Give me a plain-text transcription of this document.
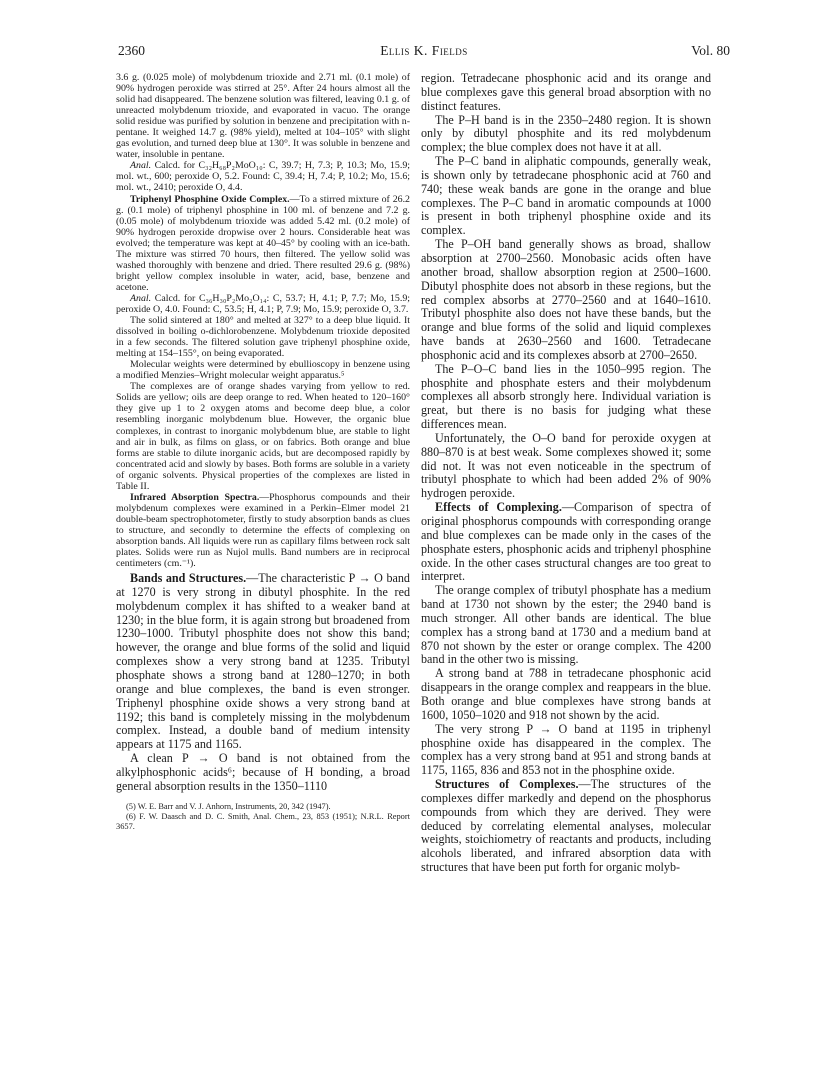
2360	Ellis K. Fields	Vol. 80

3.6 g. (0.025 mole) of molybdenum trioxide and 2.71 ml. (0.1 mole) of 90% hydrogen peroxide was stirred at 25°. After 24 hours almost all the solid had disappeared. The benzene solution was filtered, leaving 0.1 g. of unreacted molybdenum trioxide, and evaporated in vacuo. The orange solid residue was purified by solution in benzene and precipitation with n-pentane. It weighed 14.7 g. (98% yield), melted at 104–105° with slight gas evolution, and turned deep blue at 130°. It was soluble in benzene and water, insoluble in pentane.

Anal. Calcd. for C₃₂H₆₈P₂MoO₁₀: C, 39.7; H, 7.3; P, 10.3; Mo, 15.9; mol. wt., 600; peroxide O, 5.2. Found: C, 39.4; H, 7.4; P, 10.2; Mo, 15.6; mol. wt., 2410; peroxide O, 4.4.

Triphenyl Phosphine Oxide Complex.—To a stirred mixture of 26.2 g. (0.1 mole) of triphenyl phosphine in 100 ml. of benzene and 7.2 g. (0.05 mole) of molybdenum trioxide was added 5.42 ml. (0.2 mole) of 90% hydrogen peroxide dropwise over 2 hours. Considerable heat was evolved; the temperature was kept at 40–45° by cooling with an ice-bath. The mixture was stirred 70 hours, then filtered. The yellow solid was washed thoroughly with benzene and dried. There resulted 29.6 g. (98%) bright yellow complex insoluble in water, acid, base, benzene and acetone.

Anal. Calcd. for C₃₆H₃₀P₂Mo₂O₁₄: C, 53.7; H, 4.1; P, 7.7; Mo, 15.9; peroxide O, 4.0. Found: C, 53.5; H, 4.1; P, 7.9; Mo, 15.9; peroxide O, 3.7.

The solid sintered at 180° and melted at 327° to a deep blue liquid. It dissolved in boiling o-dichlorobenzene. Molybdenum trioxide deposited in a few seconds. The filtered solution gave triphenyl phosphine oxide, melting at 154–155°, on being evaporated.

Molecular weights were determined by ebullioscopy in benzene using a modified Menzies–Wright molecular weight apparatus.⁵

The complexes are of orange shades varying from yellow to red. Solids are yellow; oils are deep orange to red. When heated to 120–160° they give up 1 to 2 oxygen atoms and become deep blue, a color resembling inorganic molybdenum blue. However, the organic blue complexes, in contrast to inorganic molybdenum blue, are stable to light and air in bulk, as films on glass, or on fabrics. Both orange and blue forms are stable to dilute inorganic acids, but are decomposed rapidly by concentrated acid and slowly by bases. Both forms are soluble in a variety of organic solvents. Physical properties of the complexes are listed in Table II.

Infrared Absorption Spectra.—Phosphorus compounds and their molybdenum complexes were examined in a Perkin–Elmer model 21 double-beam spectrophotometer, firstly to study absorption bands as clues to structure, and secondly to determine the effects of complexing on absorption bands. All liquids were run as capillary films between rock salt plates. Solids were run as Nujol mulls. Band numbers are in reciprocal centimeters (cm.⁻¹).

Bands and Structures.—The characteristic P → O band at 1270 is very strong in dibutyl phosphite. In the red molybdenum complex it has shifted to a weaker band at 1230; in the blue form, it is again strong but broadened from 1230–1000. Tributyl phosphite does not show this band; however, the orange and blue forms of the solid and liquid complexes show a very strong band at 1235. Tributyl phosphate shows a strong band at 1280–1270; in both orange and blue complexes, the band is even stronger. Triphenyl phosphine oxide shows a very strong band at 1192; this band is completely missing in the molybdenum complex. Instead, a double band of medium intensity appears at 1175 and 1165.

A clean P → O band is not obtained from the alkylphosphonic acids⁶; because of H bonding, a broad general absorption results in the 1350–1110

(5) W. E. Barr and V. J. Anhorn, Instruments, 20, 342 (1947).

(6) F. W. Daasch and D. C. Smith, Anal. Chem., 23, 853 (1951); N.R.L. Report 3657.

region. Tetradecane phosphonic acid and its orange and blue complexes gave this general broad absorption with no distinct features.

The P–H band is in the 2350–2480 region. It is shown only by dibutyl phosphite and its red molybdenum complex; the blue complex does not have it at all.

The P–C band in aliphatic compounds, generally weak, is shown only by tetradecane phosphonic acid at 760 and 740; these weak bands are gone in the orange and blue complexes. The P–C band in aromatic compounds at 1000 is present in both triphenyl phosphine oxide and its complex.

The P–OH band generally shows as broad, shallow absorption at 2700–2560. Monobasic acids often have another broad, shallow absorption region at 2500–1600. Dibutyl phosphite does not absorb in these regions, but the red complex absorbs at 2770–2560 and at 1640–1610. Tributyl phosphite also does not have these bands, but the orange and blue forms of the solid and liquid complexes have bands at 2630–2560 and 1600. Tetradecane phosphonic acid and its complexes absorb at 2700–2650.

The P–O–C band lies in the 1050–995 region. The phosphite and phosphate esters and their molybdenum complexes all absorb strongly here. Individual variation is great, but there is no basis for judging what these differences mean.

Unfortunately, the O–O band for peroxide oxygen at 880–870 is at best weak. Some complexes showed it; some did not. It was not even noticeable in the spectrum of tributyl phosphate to which had been added 2% of 90% hydrogen peroxide.

Effects of Complexing.—Comparison of spectra of original phosphorus compounds with corresponding orange and blue complexes can be made only in the cases of the phosphate esters, phosphonic acids and triphenyl phosphine oxide. In the other cases structural changes are too great to interpret.

The orange complex of tributyl phosphate has a medium band at 1730 not shown by the ester; the 2940 band is much stronger. All other bands are identical. The blue complex has a strong band at 1730 and a medium band at 870 not shown by the ester or orange complex. The 4200 band in the other two is missing.

A strong band at 788 in tetradecane phosphonic acid disappears in the orange complex and reappears in the blue. Both orange and blue complexes have strong bands at 1600, 1050–1020 and 918 not shown by the acid.

The very strong P → O band at 1195 in triphenyl phosphine oxide has disappeared in the complex. The complex has a very strong band at 951 and strong bands at 1175, 1165, 836 and 853 not in the phosphine oxide.

Structures of Complexes.—The structures of the complexes differ markedly and depend on the phosphorus compounds from which they are derived. They were deduced by correlating elemental analyses, molecular weights, stoichiometry of reactants and products, including alcohols liberated, and infrared absorption data with structures that have been put forth for organic molyb-
